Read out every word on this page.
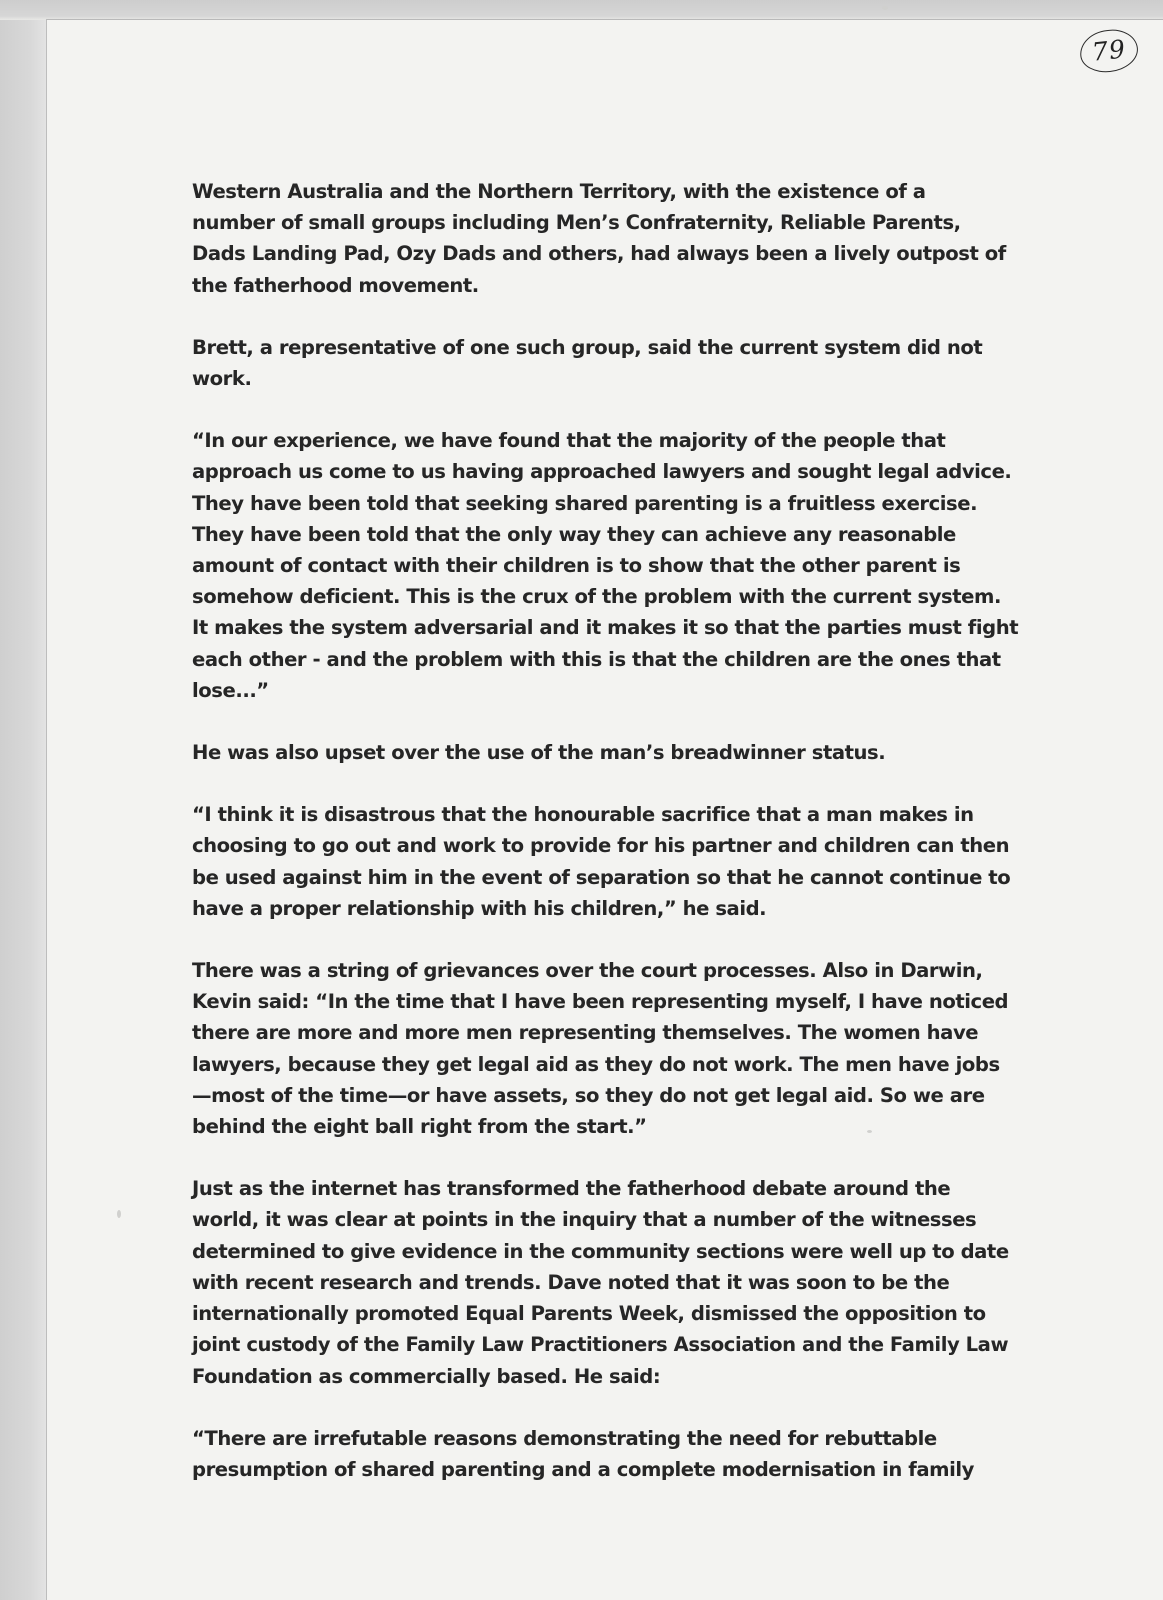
79

Western Australia and the Northern Territory, with the existence of a
number of small groups including Men’s Confraternity, Reliable Parents,
Dads Landing Pad, Ozy Dads and others, had always been a lively outpost of
the fatherhood movement.

Brett, a representative of one such group, said the current system did not
work.

“In our experience, we have found that the majority of the people that
approach us come to us having approached lawyers and sought legal advice.
They have been told that seeking shared parenting is a fruitless exercise.
They have been told that the only way they can achieve any reasonable
amount of contact with their children is to show that the other parent is
somehow deficient. This is the crux of the problem with the current system.
It makes the system adversarial and it makes it so that the parties must fight
each other - and the problem with this is that the children are the ones that
lose...”

He was also upset over the use of the man’s breadwinner status.

“I think it is disastrous that the honourable sacrifice that a man makes in
choosing to go out and work to provide for his partner and children can then
be used against him in the event of separation so that he cannot continue to
have a proper relationship with his children,” he said.

There was a string of grievances over the court processes. Also in Darwin,
Kevin said: “In the time that I have been representing myself, I have noticed
there are more and more men representing themselves. The women have
lawyers, because they get legal aid as they do not work. The men have jobs
—most of the time—or have assets, so they do not get legal aid. So we are
behind the eight ball right from the start.”

Just as the internet has transformed the fatherhood debate around the
world, it was clear at points in the inquiry that a number of the witnesses
determined to give evidence in the community sections were well up to date
with recent research and trends. Dave noted that it was soon to be the
internationally promoted Equal Parents Week, dismissed the opposition to
joint custody of the Family Law Practitioners Association and the Family Law
Foundation as commercially based. He said:

“There are irrefutable reasons demonstrating the need for rebuttable
presumption of shared parenting and a complete modernisation in family
